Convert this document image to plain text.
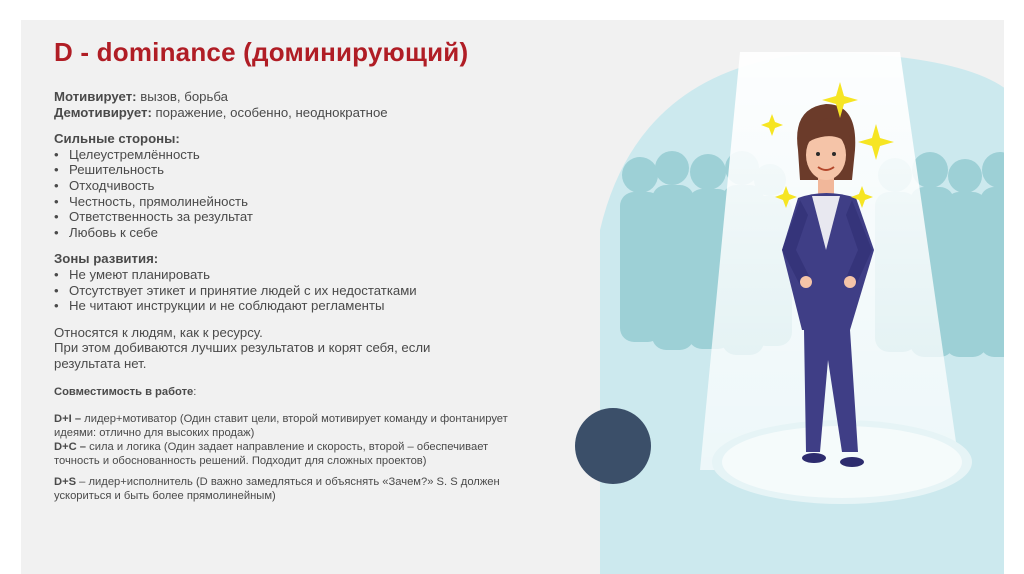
D - dominance (доминирующий)
Мотивирует: вызов, борьба
Демотивирует: поражение, особенно, неоднократное
Сильные стороны:
• Целеустремлённость
• Решительность
• Отходчивость
• Честность, прямолинейность
• Ответственность за результат
• Любовь к себе
Зоны развития:
• Не умеют планировать
• Отсутствует этикет и принятие людей с их недостатками
• Не читают инструкции и не соблюдают регламенты
Относятся к людям, как к ресурсу.
При этом добиваются лучших результатов и корят себя, если результата нет.
Совместимость в работе:
D+I – лидер+мотиватор (Один ставит цели, второй мотивирует команду и фонтанирует идеями: отлично для высоких продаж)
D+C – сила и логика (Один задает направление и скорость, второй – обеспечивает точность и обоснованность решений. Подходит для сложных проектов)
D+S – лидер+исполнитель (D важно замедляться и объяснять «Зачем?» S. S должен ускориться и быть более прямолинейным)
